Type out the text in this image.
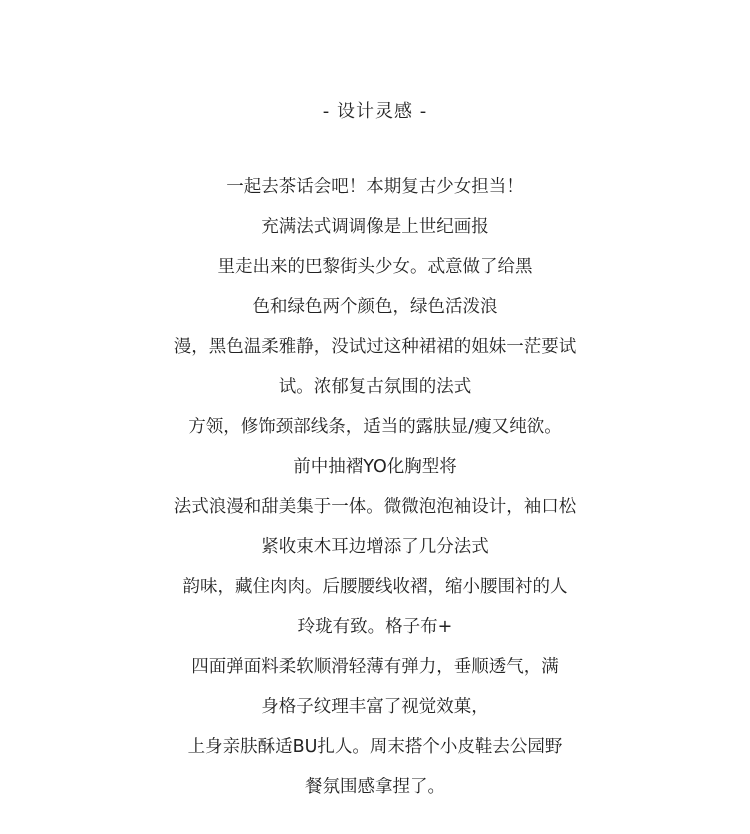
- 设计灵感 -
一起去茶话会吧！本期复古少女担当！
充满法式调调像是上世纪画报
里走出来的巴黎街头少女。忒意做了给黑
色和绿色两个颜色，绿色活泼浪
漫，黑色温柔雅静，没试过这种裙裙的姐妹一茫要试
试。浓郁复古氛围的法式
方领，修饰颈部线条，适当的露肤显/瘦又纯欲。
前中抽褶YO化胸型将
法式浪漫和甜美集于一体。微微泡泡袖设计，袖口松
紧收束木耳边增添了几分法式
韵味，藏住肉肉。后腰腰线收褶，缩小腰围衬的人
玲珑有致。格子布+
四面弹面料柔软顺滑轻薄有弹力，垂顺透气，满
身格子纹理丰富了视觉效菓，
上身亲肤酥适BU扎人。周末搭个小皮鞋去公园野
餐氛围感拿捏了。
